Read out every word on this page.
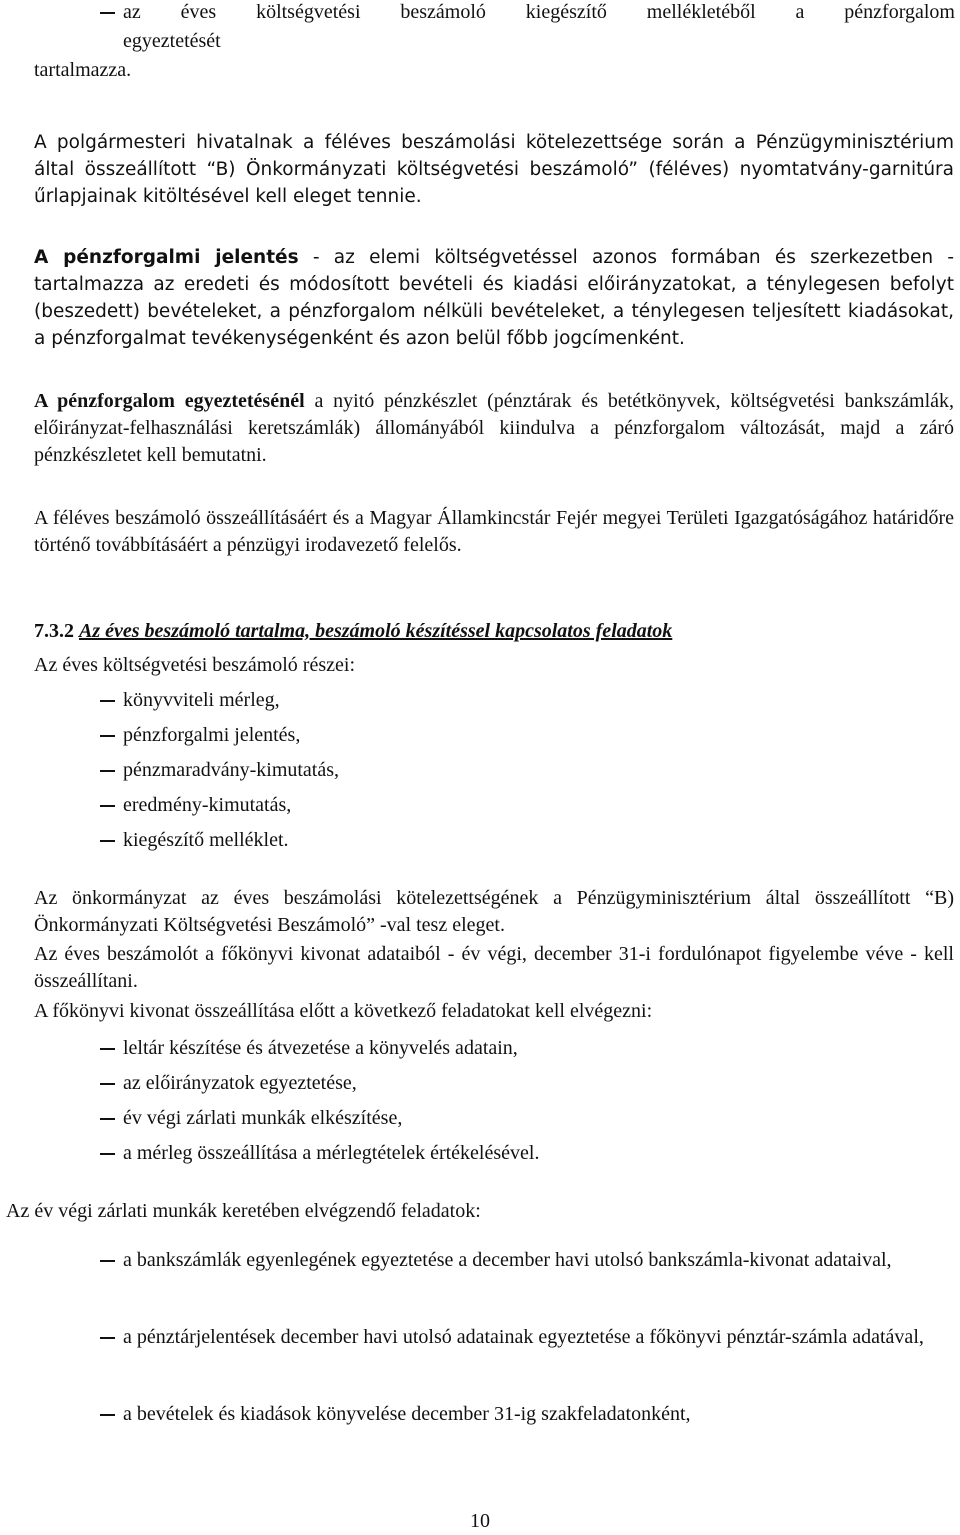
az éves költségvetési beszámoló kiegészítő mellékletéből a pénzforgalom

egyeztetését

tartalmazza.

A polgármesteri hivatalnak a féléves beszámolási kötelezettsége során a Pénzügyminisztérium által összeállított “B) Önkormányzati költségvetési beszámoló” (féléves) nyomtatvány-garnitúra űrlapjainak kitöltésével kell eleget tennie.

A pénzforgalmi jelentés - az elemi költségvetéssel azonos formában és szerkezetben - tartalmazza az eredeti és módosított bevételi és kiadási előirányzatokat, a ténylegesen befolyt (beszedett) bevételeket, a pénzforgalom nélküli bevételeket, a ténylegesen teljesített kiadásokat, a pénzforgalmat tevékenységenként és azon belül főbb jogcímenként.

A pénzforgalom egyeztetésénél a nyitó pénzkészlet (pénztárak és betétkönyvek, költségvetési bankszámlák, előirányzat-felhasználási keretszámlák) állományából kiindulva a pénzforgalom változását, majd a záró pénzkészletet kell bemutatni.

A féléves beszámoló összeállításáért és a Magyar Államkincstár Fejér megyei Területi Igazgatóságához határidőre történő továbbításáért a pénzügyi irodavezető felelős.

7.3.2 Az éves beszámoló tartalma, beszámoló készítéssel kapcsolatos feladatok

Az éves költségvetési beszámoló részei:

könyvviteli mérleg,

pénzforgalmi jelentés,

pénzmaradvány-kimutatás,

eredmény-kimutatás,

kiegészítő melléklet.

Az önkormányzat az éves beszámolási kötelezettségének a Pénzügyminisztérium által összeállított “B) Önkormányzati Költségvetési Beszámoló” -val tesz eleget.

Az éves beszámolót a főkönyvi kivonat adataiból - év végi, december 31-i fordulónapot figyelembe véve - kell összeállítani.

A főkönyvi kivonat összeállítása előtt a következő feladatokat kell elvégezni:

leltár készítése és átvezetése a könyvelés adatain,

az előirányzatok egyeztetése,

év végi zárlati munkák elkészítése,

a mérleg összeállítása a mérlegtételek értékelésével.

Az év végi zárlati munkák keretében elvégzendő feladatok:

a bankszámlák egyenlegének egyeztetése a december havi utolsó bankszámla-kivonat adataival,

a pénztárjelentések december havi utolsó adatainak egyeztetése a főkönyvi pénztár-számla adatával,

a bevételek és kiadások könyvelése december 31-ig szakfeladatonként,

10
